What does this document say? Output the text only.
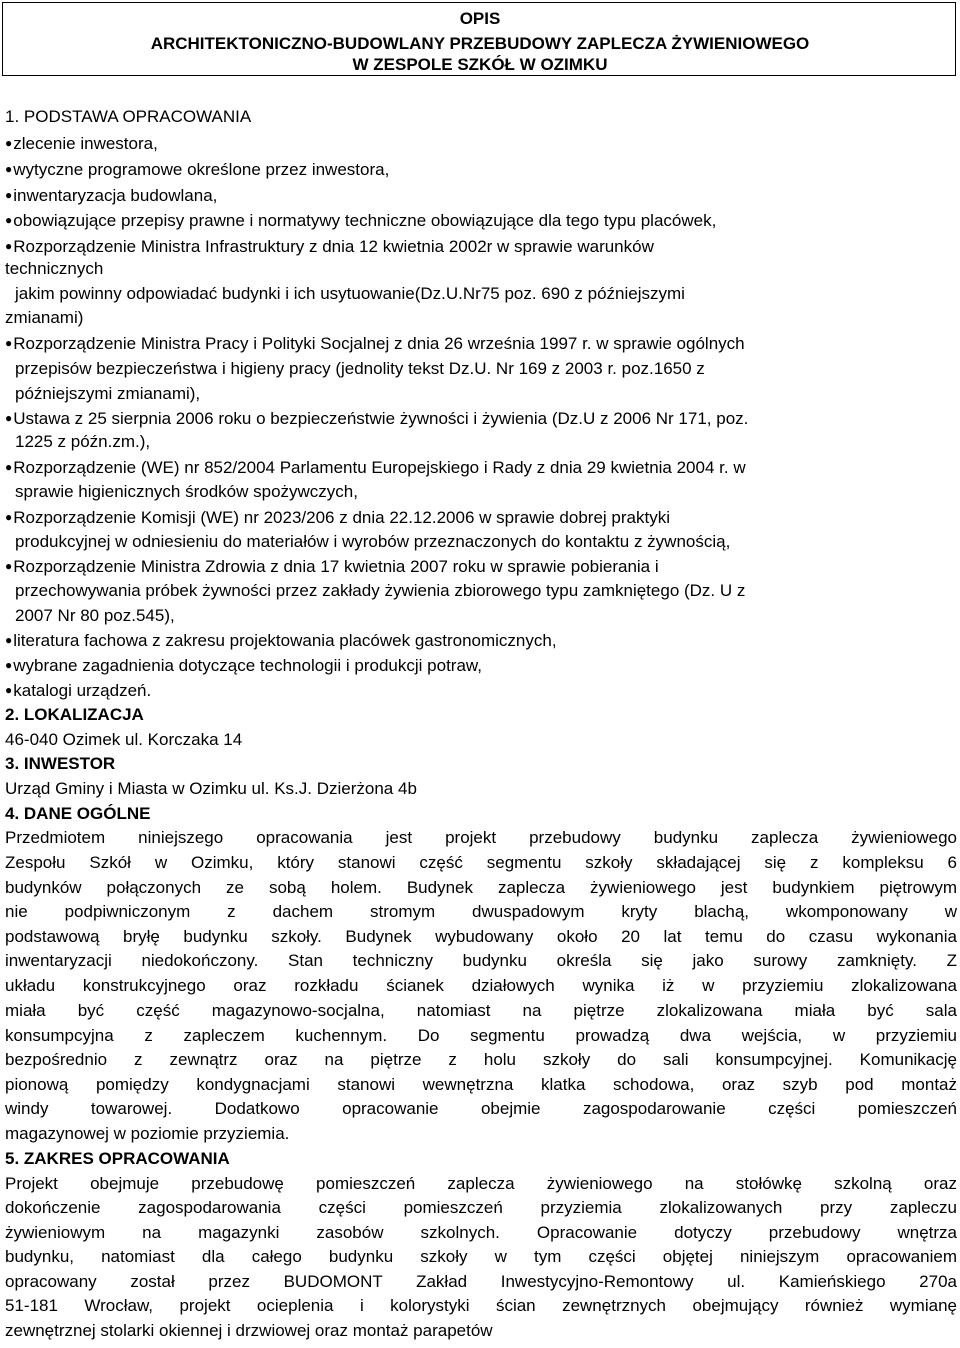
OPIS
ARCHITEKTONICZNO-BUDOWLANY PRZEBUDOWY ZAPLECZA ŻYWIENIOWEGO
W ZESPOLE SZKÓŁ W OZIMKU
1. PODSTAWA OPRACOWANIA
●zlecenie inwestora,
●wytyczne programowe określone przez inwestora,
●inwentaryzacja budowlana,
●obowiązujące przepisy prawne i normatywy techniczne obowiązujące dla tego typu placówek,
●Rozporządzenie Ministra Infrastruktury z dnia 12 kwietnia 2002r w sprawie warunków
technicznych
jakim powinny odpowiadać budynki i ich usytuowanie(Dz.U.Nr75 poz. 690 z późniejszymi
zmianami)
●Rozporządzenie Ministra Pracy i Polityki Socjalnej z dnia 26 września 1997 r. w sprawie ogólnych
przepisów bezpieczeństwa i higieny pracy (jednolity tekst Dz.U. Nr 169 z 2003 r. poz.1650 z
późniejszymi zmianami),
●Ustawa z 25 sierpnia 2006 roku o bezpieczeństwie żywności i żywienia (Dz.U z 2006 Nr 171, poz.
1225 z późn.zm.),
●Rozporządzenie (WE) nr 852/2004 Parlamentu Europejskiego i Rady z dnia 29 kwietnia 2004 r. w
sprawie higienicznych środków spożywczych,
●Rozporządzenie Komisji (WE) nr 2023/206 z dnia 22.12.2006 w sprawie dobrej praktyki
produkcyjnej w odniesieniu do materiałów i wyrobów przeznaczonych do kontaktu z żywnością,
●Rozporządzenie Ministra Zdrowia z dnia 17 kwietnia 2007 roku w sprawie pobierania i
przechowywania próbek żywności przez zakłady żywienia zbiorowego typu zamkniętego (Dz. U z
2007 Nr 80 poz.545),
●literatura fachowa z zakresu projektowania placówek gastronomicznych,
●wybrane zagadnienia dotyczące technologii i produkcji potraw,
●katalogi urządzeń.
2. LOKALIZACJA
46-040 Ozimek ul. Korczaka 14
3. INWESTOR
Urząd Gminy i Miasta w Ozimku ul. Ks.J. Dzierżona 4b
4. DANE OGÓLNE
Przedmiotem niniejszego opracowania jest projekt przebudowy budynku zaplecza żywieniowego
Zespołu Szkół w Ozimku, który stanowi część segmentu szkoły składającej się z kompleksu 6
budynków połączonych ze sobą holem. Budynek zaplecza żywieniowego jest budynkiem piętrowym
nie podpiwniczonym z dachem stromym dwuspadowym kryty blachą, wkomponowany w
podstawową bryłę budynku szkoły. Budynek wybudowany około 20 lat temu do czasu wykonania
inwentaryzacji niedokończony. Stan techniczny budynku określa się jako surowy zamknięty. Z
układu konstrukcyjnego oraz rozkładu ścianek działowych wynika iż w przyziemiu zlokalizowana
miała być część magazynowo-socjalna, natomiast na piętrze zlokalizowana miała być sala
konsumpcyjna z zapleczem kuchennym. Do segmentu prowadzą dwa wejścia, w przyziemiu
bezpośrednio z zewnątrz oraz na piętrze z holu szkoły do sali konsumpcyjnej. Komunikację
pionową pomiędzy kondygnacjami stanowi wewnętrzna klatka schodowa, oraz szyb pod montaż
windy towarowej. Dodatkowo opracowanie obejmie zagospodarowanie części pomieszczeń
magazynowej w poziomie przyziemia.
5. ZAKRES OPRACOWANIA
Projekt obejmuje przebudowę pomieszczeń zaplecza żywieniowego na stołówkę szkolną oraz
dokończenie zagospodarowania części pomieszczeń przyziemia zlokalizowanych przy zapleczu
żywieniowym na magazynki zasobów szkolnych. Opracowanie dotyczy przebudowy wnętrza
budynku, natomiast dla całego budynku szkoły w tym części objętej niniejszym opracowaniem
opracowany został przez BUDOMONT Zakład Inwestycyjno-Remontowy ul. Kamieńskiego 270a
51-181 Wrocław, projekt ocieplenia i kolorystyki ścian zewnętrznych obejmujący również wymianę
zewnętrznej stolarki okiennej i drzwiowej oraz montaż parapetów
